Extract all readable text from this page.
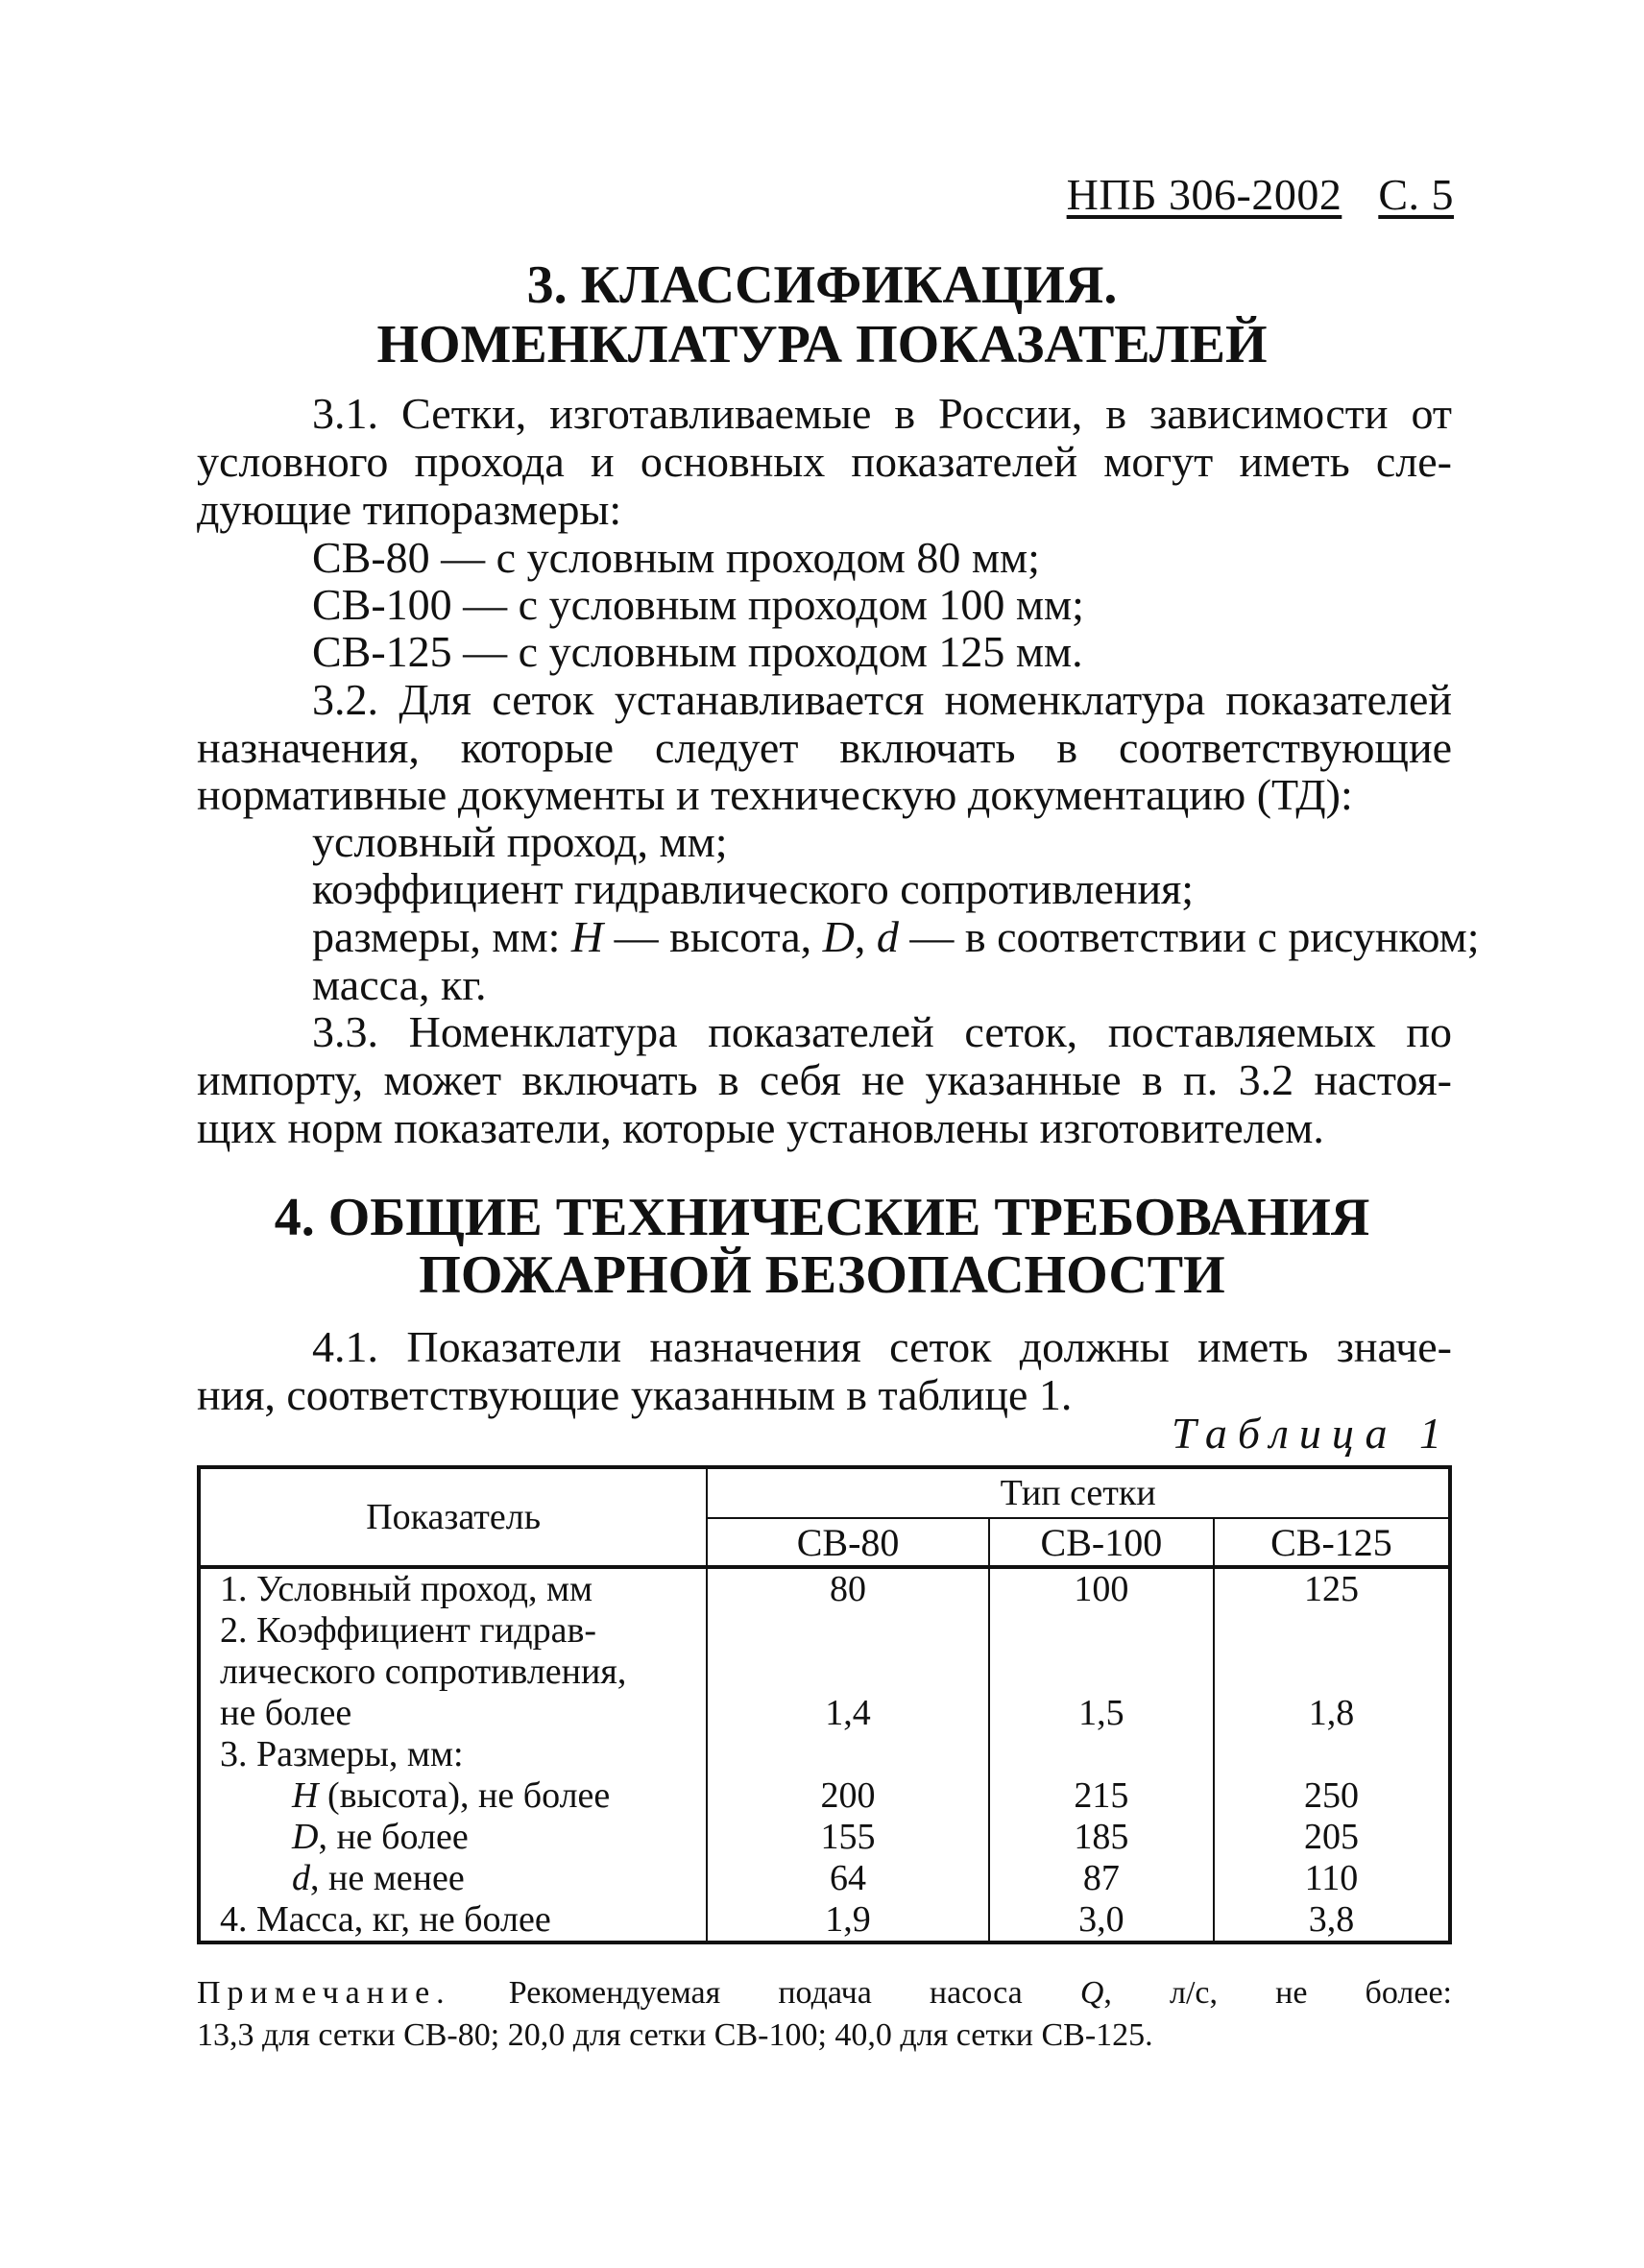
НПБ 306-2002 С. 5
3. КЛАССИФИКАЦИЯ.
НОМЕНКЛАТУРА ПОКАЗАТЕЛЕЙ
3.1. Сетки, изготавливаемые в России, в зависимости от
условного прохода и основных показателей могут иметь сле-
дующие типоразмеры:
СВ-80 — с условным проходом 80 мм;
СВ-100 — с условным проходом 100 мм;
СВ-125 — с условным проходом 125 мм.
3.2. Для сеток устанавливается номенклатура показателей
назначения, которые следует включать в соответствующие
нормативные документы и техническую документацию (ТД):
условный проход, мм;
коэффициент гидравлического сопротивления;
размеры, мм: H — высота, D, d — в соответствии с рисунком;
масса, кг.
3.3. Номенклатура показателей сеток, поставляемых по
импорту, может включать в себя не указанные в п. 3.2 настоя-
щих норм показатели, которые установлены изготовителем.
4. ОБЩИЕ ТЕХНИЧЕСКИЕ ТРЕБОВАНИЯ
ПОЖАРНОЙ БЕЗОПАСНОСТИ
4.1. Показатели назначения сеток должны иметь значе-
ния, соответствующие указанным в таблице 1.
Таблица 1
Показатель	Тип сетки		
	СВ-80	СВ-100	СВ-125
1. Условный проход, мм	80	100	125
2. Коэффициент гидрав-			
лического сопротивления,			
не более	1,4	1,5	1,8
3. Размеры, мм:			
H (высота), не более	200	215	250
D, не более	155	185	205
d, не менее	64	87	110
4. Масса, кг, не более	1,9	3,0	3,8
Примечание. Рекомендуемая подача насоса Q, л/с, не более:
13,3 для сетки СВ-80; 20,0 для сетки СВ-100; 40,0 для сетки СВ-125.
